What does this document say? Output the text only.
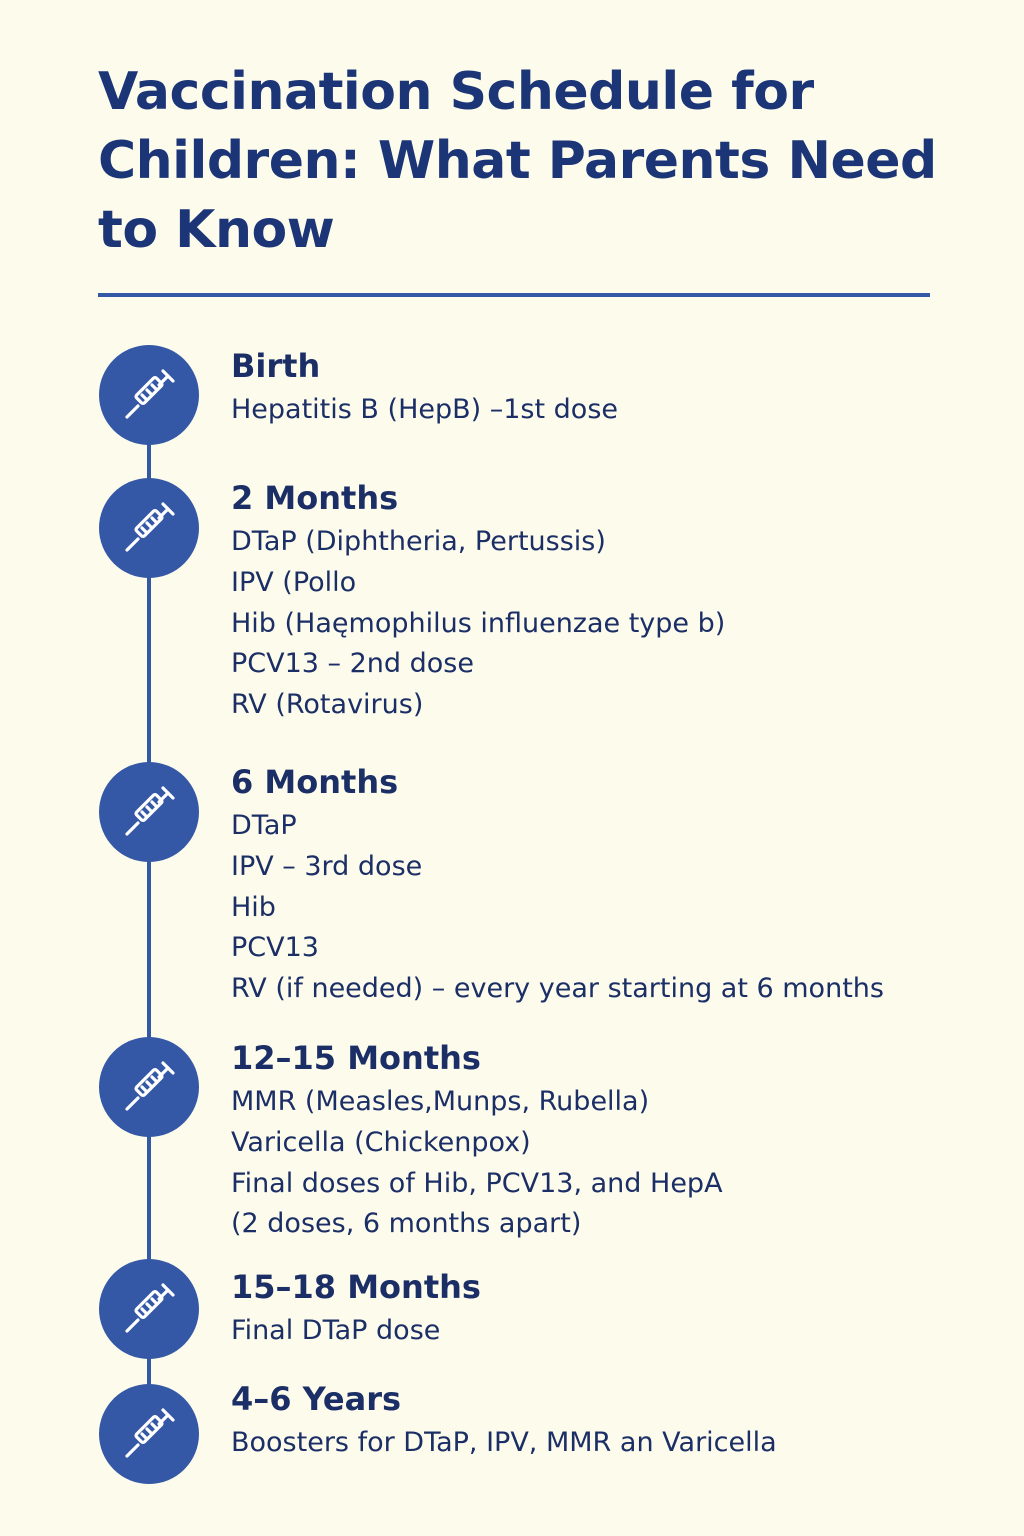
Vaccination Schedule for Children: What Parents Need to Know
Birth
Hepatitis B (HepB) –1st dose
2 Months
DTaP (Diphtheria, Pertussis)
IPV (Pollo
Hib (Haęmophilus influenzae type b)
PCV13 – 2nd dose
RV (Rotavirus)
6 Months
DTaP
IPV – 3rd dose
Hib
PCV13
RV (if needed) – every year starting at 6 months
12–15 Months
MMR (Measles,Munps, Rubella)
Varicella (Chickenpox)
Final doses of Hib, PCV13, and HepA
(2 doses, 6 months apart)
15–18 Months
Final DTaP dose
4–6 Years
Boosters for DTaP, IPV, MMR an Varicella
